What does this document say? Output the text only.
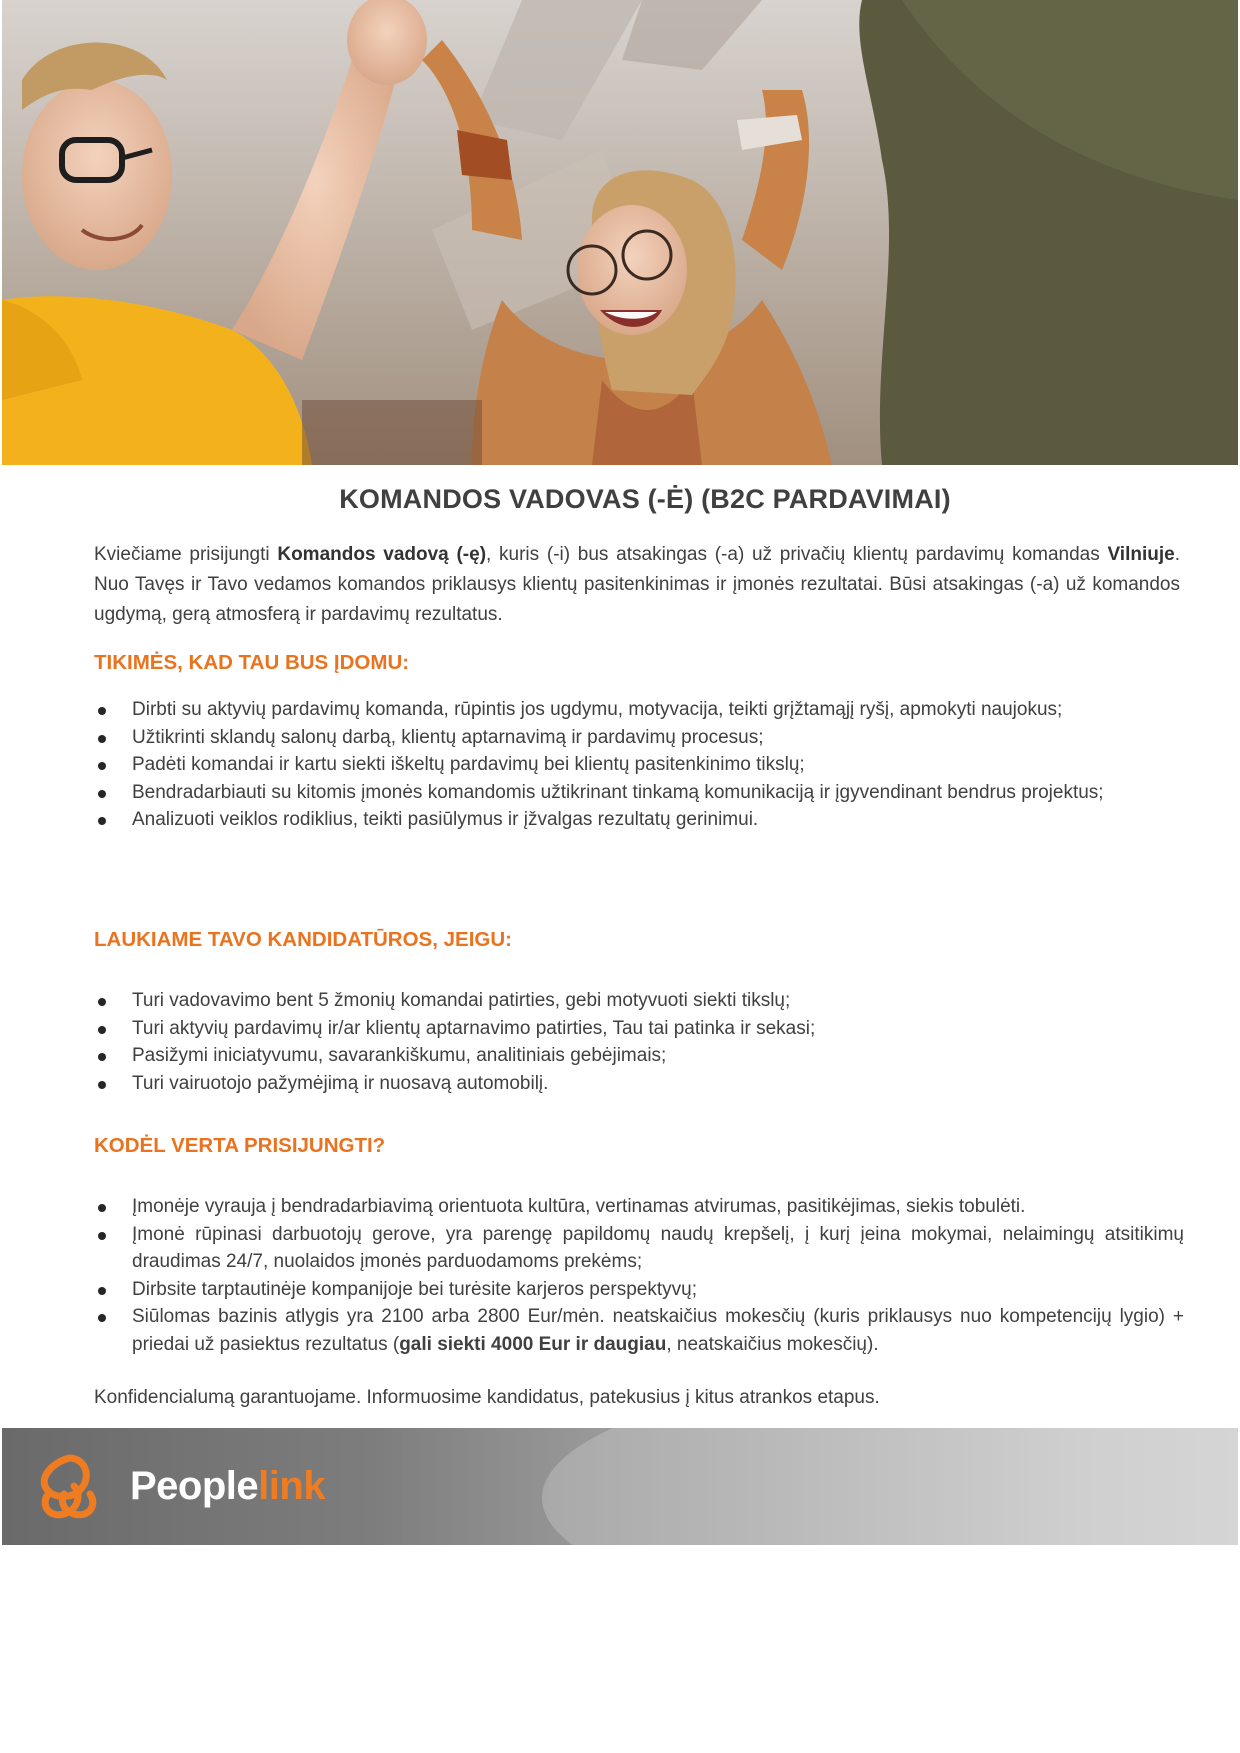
KOMANDOS VADOVAS (-Ė) (B2C PARDAVIMAI)

Kviečiame prisijungti Komandos vadovą (-ę), kuris (-i) bus atsakingas (-a) už privačių klientų pardavimų komandas Vilniuje. Nuo Tavęs ir Tavo vedamos komandos priklausys klientų pasitenkinimas ir įmonės rezultatai. Būsi atsakingas (-a) už komandos ugdymą, gerą atmosferą ir pardavimų rezultatus.

TIKIMĖS, KAD TAU BUS ĮDOMU:
Dirbti su aktyvių pardavimų komanda, rūpintis jos ugdymu, motyvacija, teikti grįžtamąjį ryšį, apmokyti naujokus;
Užtikrinti sklandų salonų darbą, klientų aptarnavimą ir pardavimų procesus;
Padėti komandai ir kartu siekti iškeltų pardavimų bei klientų pasitenkinimo tikslų;
Bendradarbiauti su kitomis įmonės komandomis užtikrinant tinkamą komunikaciją ir įgyvendinant bendrus projektus;
Analizuoti veiklos rodiklius, teikti pasiūlymus ir įžvalgas rezultatų gerinimui.
LAUKIAME TAVO KANDIDATŪROS, JEIGU:
Turi vadovavimo bent 5 žmonių komandai patirties, gebi motyvuoti siekti tikslų;
Turi aktyvių pardavimų ir/ar klientų aptarnavimo patirties, Tau tai patinka ir sekasi;
Pasižymi iniciatyvumu, savarankiškumu, analitiniais gebėjimais;
Turi vairuotojo pažymėjimą ir nuosavą automobilį.
KODĖL VERTA PRISIJUNGTI?
Įmonėje vyrauja į bendradarbiavimą orientuota kultūra, vertinamas atvirumas, pasitikėjimas, siekis tobulėti.
Įmonė rūpinasi darbuotojų gerove, yra parengę papildomų naudų krepšelį, į kurį įeina mokymai, nelaimingų atsitikimų draudimas 24/7, nuolaidos įmonės parduodamoms prekėms;
Dirbsite tarptautinėje kompanijoje bei turėsite karjeros perspektyvų;
Siūlomas bazinis atlygis yra 2100 arba 2800 Eur/mėn. neatskaičius mokesčių (kuris priklausys nuo kompetencijų lygio) + priedai už pasiektus rezultatus (gali siekti 4000 Eur ir daugiau, neatskaičius mokesčių).
Konfidencialumą garantuojame. Informuosime kandidatus, patekusius į kitus atrankos etapus.
Peoplelink
